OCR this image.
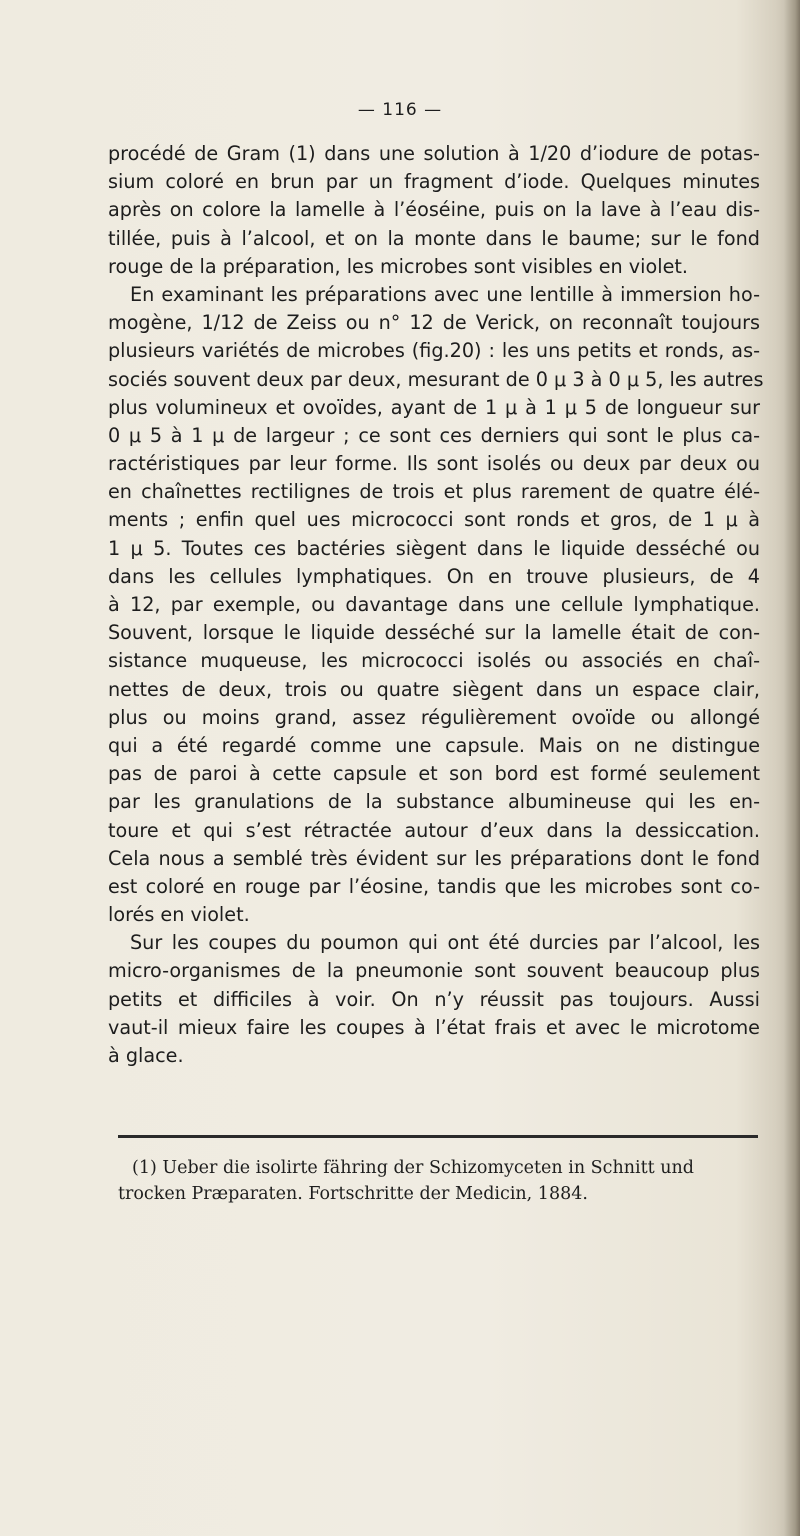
— 116 —
procédé de Gram (1) dans une solution à 1/20 d’iodure de potas-
sium coloré en brun par un fragment d’iode. Quelques minutes
après on colore la lamelle à l’éoséine, puis on la lave à l’eau dis-
tillée, puis à l’alcool, et on la monte dans le baume; sur le fond
rouge de la préparation, les microbes sont visibles en violet.
En examinant les préparations avec une lentille à immersion ho-
mogène, 1/12 de Zeiss ou n° 12 de Verick, on reconnaît toujours
plusieurs variétés de microbes (fig.20) : les uns petits et ronds, as-
sociés souvent deux par deux, mesurant de 0 μ 3 à 0 μ 5, les autres
plus volumineux et ovoïdes, ayant de 1 μ à 1 μ 5 de longueur sur
0 μ 5 à 1 μ de largeur ; ce sont ces derniers qui sont le plus ca-
ractéristiques par leur forme. Ils sont isolés ou deux par deux ou
en chaînettes rectilignes de trois et plus rarement de quatre élé-
ments ; enfin quel ues micrococci sont ronds et gros, de 1 μ à
1 μ 5. Toutes ces bactéries siègent dans le liquide desséché ou
dans les cellules lymphatiques. On en trouve plusieurs, de 4
à 12, par exemple, ou davantage dans une cellule lymphatique.
Souvent, lorsque le liquide desséché sur la lamelle était de con-
sistance muqueuse, les micrococci isolés ou associés en chaî-
nettes de deux, trois ou quatre siègent dans un espace clair,
plus ou moins grand, assez régulièrement ovoïde ou allongé
qui a été regardé comme une capsule. Mais on ne distingue
pas de paroi à cette capsule et son bord est formé seulement
par les granulations de la substance albumineuse qui les en-
toure et qui s’est rétractée autour d’eux dans la dessiccation.
Cela nous a semblé très évident sur les préparations dont le fond
est coloré en rouge par l’éosine, tandis que les microbes sont co-
lorés en violet.
Sur les coupes du poumon qui ont été durcies par l’alcool, les
micro-organismes de la pneumonie sont souvent beaucoup plus
petits et difficiles à voir. On n’y réussit pas toujours. Aussi
vaut-il mieux faire les coupes à l’état frais et avec le microtome
à glace.
(1) Ueber die isolirte fähring der Schizomyceten in Schnitt und
trocken Præparaten. Fortschritte der Medicin, 1884.
